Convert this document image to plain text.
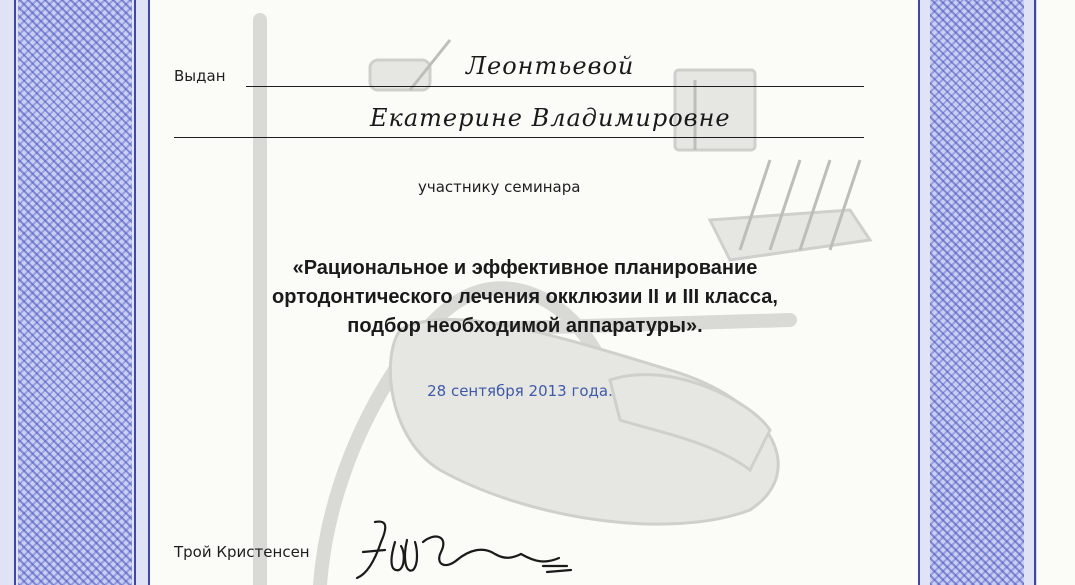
Выдан	Леонтьевой
Екатерине Владимировне
участнику семинара
«Рациональное и эффективное планирование
ортодонтического лечения окклюзии II и III класса,
подбор необходимой аппаратуры».
28 сентября 2013 года.
Трой Кристенсен
